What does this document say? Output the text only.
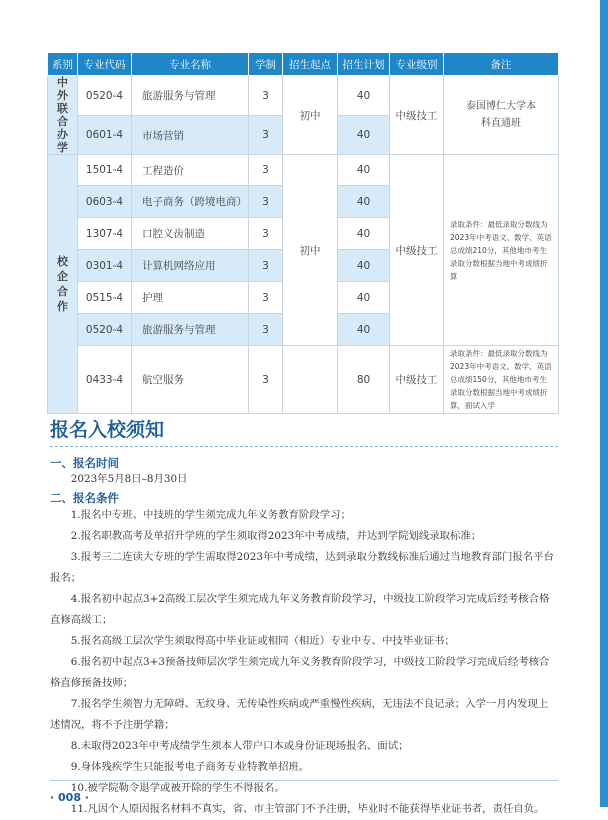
系别	专业代码	专业名称	学制	招生起点	招生计划	专业级别	备注
中外联合办学	0520-4	旅游服务与管理	3	初中	40	中级技工	泰国博仁大学本科直通班
	0601-4	市场营销	3		40		
校企合作	1501-4	工程造价	3	初中	40	中级技工	录取条件：最低录取分数线为2023年中考语文、数学、英语总成绩210分，其他地市考生录取分数根据当地中考成绩折算
	0603-4	电子商务（跨境电商）	3		40		
	1307-4	口腔义齿制造	3		40		
	0301-4	计算机网络应用	3		40		
	0515-4	护理	3		40		
	0520-4	旅游服务与管理	3		40		
	0433-4	航空服务	3		80	中级技工	录取条件：最低录取分数线为2023年中考语文、数学、英语总成绩150分，其他地市考生录取分数根据当地中考成绩折算，面试入学
报名入校须知
一、报名时间

2023年5月8日–8月30日

二、报名条件

1.报名中专班、中技班的学生须完成九年义务教育阶段学习；

2.报名职教高考及单招升学班的学生须取得2023年中考成绩，并达到学院划线录取标准；

3.报考三二连读大专班的学生需取得2023年中考成绩，达到录取分数线标准后通过当地教育部门报名平台报名；

4.报名初中起点3+2高级工层次学生须完成九年义务教育阶段学习，中级技工阶段学习完成后经考核合格直修高级工；

5.报名高级工层次学生须取得高中毕业证或相同（相近）专业中专、中技毕业证书；

6.报名初中起点3+3预备技师层次学生须完成九年义务教育阶段学习，中级技工阶段学习完成后经考核合格直修预备技师；

7.报名学生须智力无障碍、无纹身、无传染性疾病或严重慢性疾病，无违法不良记录；入学一月内发现上述情况，将不予注册学籍；

8.未取得2023年中考成绩学生须本人带户口本或身份证现场报名、面试；

9.身体残疾学生只能报考电子商务专业特教单招班。

10.被学院勒令退学或被开除的学生不得报名。

11.凡因个人原因报名材料不真实，省、市主管部门不予注册，毕业时不能获得毕业证书者，责任自负。

· 008 ·
